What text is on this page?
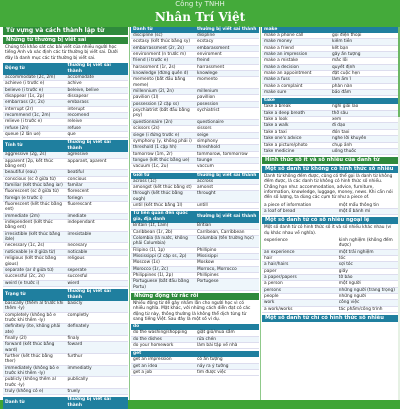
Công ty TNHH
Nhân Trí Việt
Từ vựng và cách thành lập từ
Những từ thường bị viết sai
Chúng tôi khảo sát các bài viết của nhiều người học tiếng Anh và xác định các từ thường bị viết sai. Dưới đây là danh mục các từ thường bị viết sai.
Động từ	thường bị viết sai thành
accommodate (2c, 2m)	accomodate
achieve (i trước e)	achive
believe (i trước e)	beleive, belive
disappear (1s, 2p)	dissapear
embarrass (2r, 2s)	embarass
interrupt (2r)	interupt
recommend (1c, 2m)	recomend
relieve (i trước e)	releive
refuse (2n)	refuse
queue (2 lần ue)	que
Tính từ	thường bị viết sai thành
aggressive (2g, 2s)	agressive
apparent (2p, kết thúc bằng ent)	apparant, aparent
beautiful (eau)	beatiful
conscious (sc ở giữa từ)	concious
familiar (kết thúc bằng iar)	familar
fluorescent (sc ở giữa từ)	florescent
foreign (e trước i)	foriegn
fluorescent (kết thúc bằng ent)	fluorescant
immediate (2m)	imediate
independent (kết thúc bằng ent)	independant
irresistible (kết thúc bằng ible)	irresistable
necessary (1c, 2s)	necesary
noticeable (e ở giữa từ)	noticable
religious (kết thúc bằng gious)	religous
separate (ar ở giữa từ)	seperate
successful (2c, 2s)	succesful
weird (e trước i)	wierd
Trạng từ	thường bị viết sai thành
basically (thêm al trước khi thêm -ly)	basicly
completely (không bỏ e trước khi thêm -ly)	completly
definitely (ite, không phải ate)	definately
finally (2l)	finaly
forward (kết thúc bằng ward)	foward
further (kết thúc bằng ther)	furthur
immediately (không bỏ e trước khi thêm -ly)	immediatly
publicly (không thêm al trước -ly)	publically
truly (không có e)	truely
Danh từ	thường bị viết sai thành
Danh từ	thường bị viết sai thành
discipline (sc)	disipline
ecstasy (kết thúc bằng sy)	ecstacy
embarrassment (2r, 2s)	embarassment
environment (n trước m)	enviroment
friend (i trước e)	freind
harassment (1r, 2s)	harrassment
knowledge (đừng quên d)	knowlege
memento (bắt đầu bằng meme)	momento
millennium (2l, 2n)	millenium
pavilion (1l)	pavillion
possession (2 cặp ss)	posession
psychiatrist (bắt đầu bằng psy)	sychiatrist
questionnaire (2n)	questionaire
scissors (2s)	sissors
siege (i đứng trước e)	seige
symphony (y, không phải i)	simphony
threshold (1 cặp hh)	threshhold
tomorrow (1m, 2r)	tommorow, tommorrow
tongue (kết thúc bằng ue)	tounge
vacuum (1c, 2u)	vaccum
Giới từ	thường bị viết sai thành
across (1c)	accross
amongst (kết thúc bằng st)	amonst
through (kết thúc bằng ough)	throught
until (kết thúc bằng 1l)	untill
Từ liên quan đến quốc gia, địa danh	thường bị viết sai thành
Britain (1t, 1ain)	Britian
Caribbean (1r, 2b)	Carribean, Carribbean
Colombia (là nước, không phải Columbia)	Columbia (tên trường học)
Filipino (1l, 1p)	Phillipino
Mississippi (2 cặp ss, 2p)	Missisippi
Moscow (1s)	Moskow
Morocco (1r, 2c)	Morroco, Morrocco
Philippines (1l, 2p)	Phillipines
Portuguese (bắt đầu bằng Portu)	Portugese
Những động từ rắc rối
Nhiều động từ dễ gây nhầm lẫn cho người học vì có nhiều nghĩa. Mặt khác, với những cách diễn đạt có các động từ này, thông thường là không thể dịch từng từ sang tiếng Việt. Sau đây là một số ví dụ.
do	
do the washing/shopping	giặt giũ/mua sắm
do the dishes	rửa chén
do your homework	làm bài tập về nhà
get	
get an impression	có ấn tượng
get an idea	nảy ra ý tưởng
get a job	tìm được việc
make	
make a phone call	gọi điện thoại
make money	kiếm tiền
make a friend	kết bạn
make an impression	gây ấn tượng
make a mistake	mắc lỗi
make a decision	quyết định
make an appointment	đặt cuộc hẹn
make a fuss	làm ầm ĩ
make a complaint	phàn nàn
make sure	bảo đảm
take	
take a break	nghỉ giải lao
take a deep breath	thở sâu
take a look	xem
take a walk	đi dạo
take a taxi	đón taxi
take one's advice	nghe lời khuyên
take a picture/photo	chụp ảnh
take medicine	uống thuốc
Hình thức số ít và số nhiều của danh từ
Một số danh từ không có hình thức số nhiều
Danh từ không đếm được, cũng có thể gọi là danh từ không đếm được, là các danh từ không có hình thức số nhiều. Chẳng hạn như: accommodation, advice, furniture, information, knowledge, luggage, money, news. Khi cần nói đến số lượng, ta dùng các cụm từ như a piece of.
a piece of information	một mẩu thông tin
a loaf of bread	một ổ bánh mì
Một số danh từ có số nhiều ngoại lệ
Một số danh từ có hình thức số ít và số nhiều khác nhau (ví dụ khác nhau về nghĩa).
experience	kinh nghiệm (không đếm được)
an experience	một trải nghiệm
hair	tóc
a hair/hairs	sợi tóc
paper	giấy
a paper/papers	tờ báo
a person	một người
persons	những người (trang trọng)
people	những người
work	công việc
a work/works	tác phẩm/công trình
Một số danh từ chỉ có hình thức số nhiều
